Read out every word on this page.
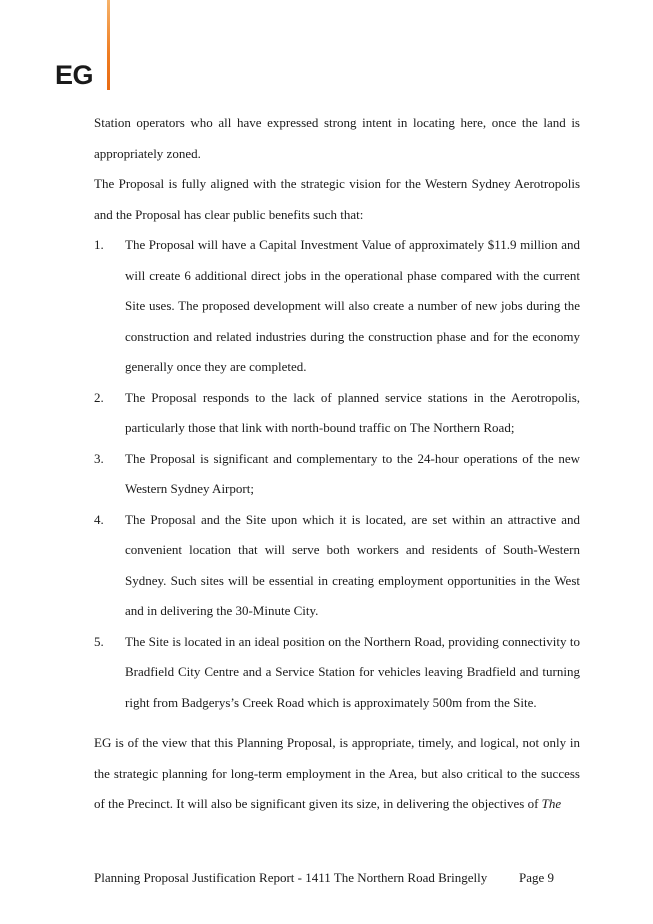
EG

Station operators who all have expressed strong intent in locating here, once the land is appropriately zoned.

The Proposal is fully aligned with the strategic vision for the Western Sydney Aerotropolis and the Proposal has clear public benefits such that:

1. The Proposal will have a Capital Investment Value of approximately $11.9 million and will create 6 additional direct jobs in the operational phase compared with the current Site uses. The proposed development will also create a number of new jobs during the construction and related industries during the construction phase and for the economy generally once they are completed.
2. The Proposal responds to the lack of planned service stations in the Aerotropolis, particularly those that link with north-bound traffic on The Northern Road;
3. The Proposal is significant and complementary to the 24-hour operations of the new Western Sydney Airport;
4. The Proposal and the Site upon which it is located, are set within an attractive and convenient location that will serve both workers and residents of South-Western Sydney. Such sites will be essential in creating employment opportunities in the West and in delivering the 30-Minute City.
5. The Site is located in an ideal position on the Northern Road, providing connectivity to Bradfield City Centre and a Service Station for vehicles leaving Bradfield and turning right from Badgerys’s Creek Road which is approximately 500m from the Site.

EG is of the view that this Planning Proposal, is appropriate, timely, and logical, not only in the strategic planning for long-term employment in the Area, but also critical to the success of the Precinct. It will also be significant given its size, in delivering the objectives of The

Planning Proposal Justification Report - 1411 The Northern Road Bringelly Page 9
